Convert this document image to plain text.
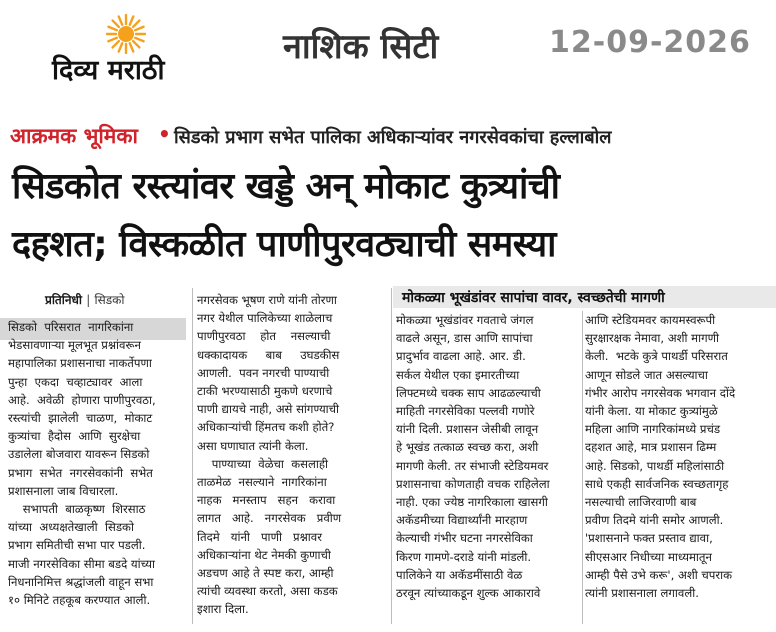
दिव्य मराठी
नाशिक सिटी	12-09-2026
आक्रमक भूमिका • सिडको प्रभाग सभेत पालिका अधिकाऱ्यांवर नगरसेवकांचा हल्लाबोल
सिडकोत रस्त्यांवर खड्डे अन् मोकाट कुत्र्यांची
दहशत; विस्कळीत पाणीपुरवठ्याची समस्या
प्रतिनिधी | सिडको	मोकळ्या भूखंडांवर सापांचा वावर, स्वच्छतेची मागणी

सिडको  परिसरात  नागरिकांना

भेडसावणाऱ्या मूलभूत प्रश्नांवरून

महापालिका प्रशासनाचा नाकर्तेपणा

पुन्हा  एकदा  चव्हाट्यावर  आला

आहे.  अवेळी  होणारा पाणीपुरवठा,

रस्त्यांची  झालेली  चाळण,  मोकाट

कुत्र्यांचा  हैदोस  आणि  सुरक्षेचा

उडालेला बोजवारा यावरून सिडको

प्रभाग  सभेत  नगरसेवकांनी  सभेत

प्रशासनाला जाब विचारला.

सभापती  बाळकृष्ण  शिरसाठ

यांच्या  अध्यक्षतेखाली  सिडको

प्रभाग समितीची सभा पार पडली.

माजी नगरसेविका सीमा बडदे यांच्या

निधनानिमित्त श्रद्धांजली वाहून सभा

१० मिनिटे तहकूब करण्यात आली.

नगरसेवक भूषण राणे यांनी तोरणा

नगर येथील पालिकेच्या शाळेलाच

पाणीपुरवठा    होत    नसल्याची

धक्कादायक     बाब     उघडकीस

आणली.  पवन नगरची पाण्याची

टाकी भरण्यासाठी मुकणे धरणाचे

पाणी द्यायचे नाही, असे सांगण्याची

अधिकाऱ्यांची हिंमतच कशी होते?

असा घणाघात त्यांनी केला.

पाण्याच्या  वेळेचा  कसलाही

ताळमेळ  नसल्याने  नागरिकांना

नाहक   मनस्ताप   सहन   करावा

लागत   आहे.   नगरसेवक   प्रवीण

तिदमे   यांनी   पाणी   प्रश्नावर

अधिकाऱ्यांना थेट नेमकी कुणाची

अडचण आहे ते स्पष्ट करा, आम्ही

त्यांची व्यवस्था करतो, असा कडक

इशारा दिला.

मोकळ्या भूखंडांवर गवताचे जंगल

वाढले असून, डास आणि सापांचा

प्रादुर्भाव वाढला आहे. आर. डी.

सर्कल येथील एका इमारतीच्या

लिफ्टमध्ये चक्क साप आढळल्याची

माहिती नगरसेविका पल्लवी गणोरे

यांनी दिली. प्रशासन जेसीबी लावून

हे भूखंड तत्काळ स्वच्छ करा, अशी

मागणी केली. तर संभाजी स्टेडियमवर

प्रशासनाचा कोणताही वचक राहिलेला

नाही. एका ज्येष्ठ नागरिकाला खासगी

अकॅडमीच्या विद्यार्थ्यांनी मारहाण

केल्याची गंभीर घटना नगरसेविका

किरण गामणे-दराडे यांनी मांडली.

पालिकेने या अकॅडमींसाठी वेळ

ठरवून त्यांच्याकडून शुल्क आकारावे

आणि स्टेडियमवर कायमस्वरूपी

सुरक्षारक्षक नेमावा, अशी मागणी

केली.  भटके कुत्रे पाथर्डी परिसरात

आणून सोडले जात असल्याचा

गंभीर आरोप नगरसेवक भगवान दोंदे

यांनी केला. या मोकाट कुत्र्यांमुळे

महिला आणि नागरिकांमध्ये प्रचंड

दहशत आहे, मात्र प्रशासन ढिम्म

आहे. सिडको, पाथर्डी महिलांसाठी

साधे एकही सार्वजनिक स्वच्छतागृह

नसल्याची लाजिरवाणी बाब

प्रवीण तिदमे यांनी समोर आणली.

'प्रशासनाने फक्त प्रस्ताव द्यावा,

सीएसआर निधीच्या माध्यमातून

आम्ही पैसे उभे करू', अशी चपराक

त्यांनी प्रशासनाला लगावली.
